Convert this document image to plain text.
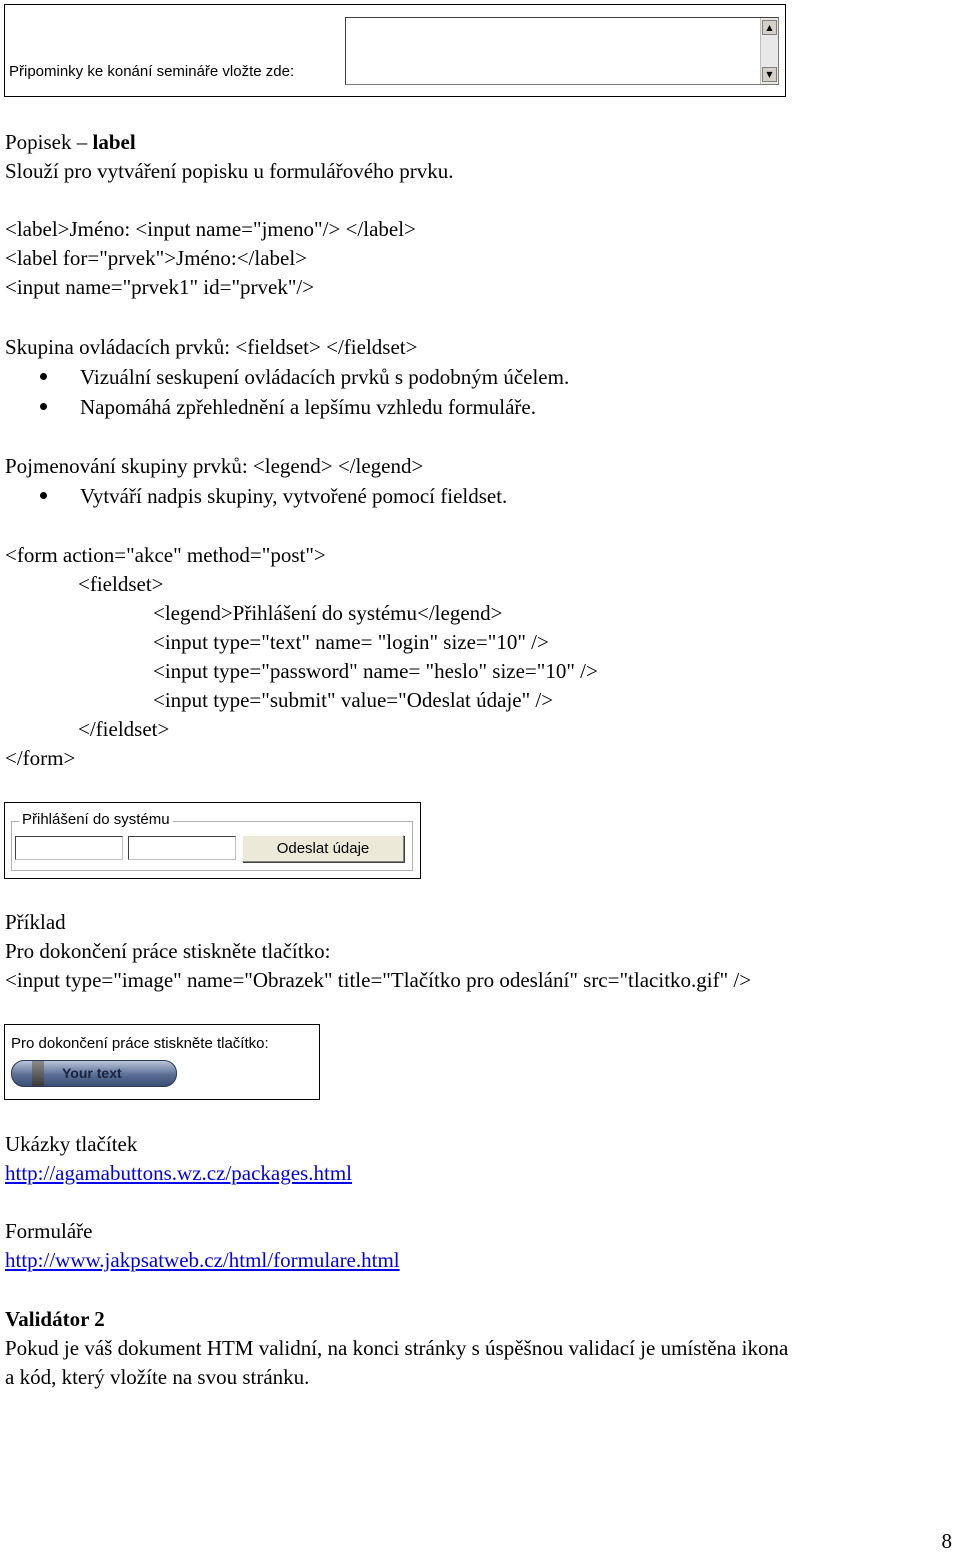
Připominky ke konání semináře vložte zde:
▲
▼
Popisek – label
Slouží pro vytváření popisku u formulářového prvku.
<label>Jméno: <input name="jmeno"/> </label>
<label for="prvek">Jméno:</label>
<input name="prvek1" id="prvek"/>
Skupina ovládacích prvků: <fieldset> </fieldset>
Vizuální seskupení ovládacích prvků s podobným účelem.
Napomáhá zpřehlednění a lepšímu vzhledu formuláře.
Pojmenování skupiny prvků: <legend> </legend>
Vytváří nadpis skupiny, vytvořené pomocí fieldset.
<form action="akce" method="post">
<fieldset>
<legend>Přihlášení do systému</legend>
<input type="text" name= "login" size="10" />
<input type="password" name= "heslo" size="10" />
<input type="submit" value="Odeslat údaje" />
</fieldset>
</form>
Přihlášení do systému
Odeslat údaje
Příklad
Pro dokončení práce stiskněte tlačítko:
<input type="image" name="Obrazek" title="Tlačítko pro odeslání" src="tlacitko.gif" />
Pro dokončení práce stiskněte tlačítko:
Your text
Ukázky tlačítek
http://agamabuttons.wz.cz/packages.html
Formuláře
http://www.jakpsatweb.cz/html/formulare.html
Validátor 2
Pokud je váš dokument HTM validní, na konci stránky s úspěšnou validací je umístěna ikona
a kód, který vložíte na svou stránku.
8
